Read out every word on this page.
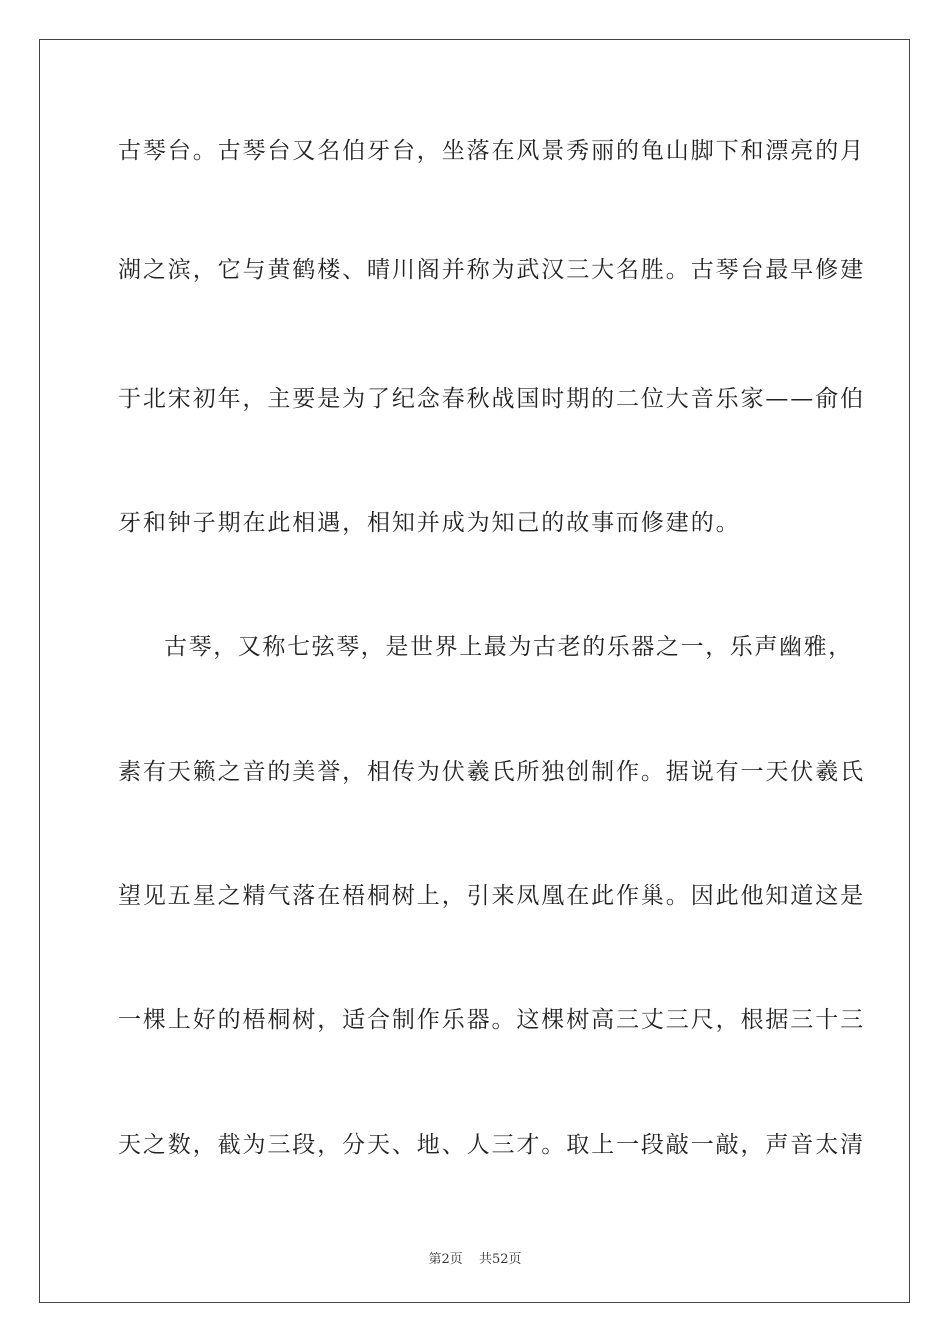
古琴台。古琴台又名伯牙台，坐落在风景秀丽的龟山脚下和漂亮的月
湖之滨，它与黄鹤楼、晴川阁并称为武汉三大名胜。古琴台最早修建
于北宋初年，主要是为了纪念春秋战国时期的二位大音乐家——俞伯
牙和钟子期在此相遇，相知并成为知己的故事而修建的。
古琴，又称七弦琴，是世界上最为古老的乐器之一，乐声幽雅，
素有天籁之音的美誉，相传为伏羲氏所独创制作。据说有一天伏羲氏
望见五星之精气落在梧桐树上，引来凤凰在此作巢。因此他知道这是
一棵上好的梧桐树，适合制作乐器。这棵树高三丈三尺，根据三十三
天之数，截为三段，分天、地、人三才。取上一段敲一敲，声音太清
第2页 共52页
